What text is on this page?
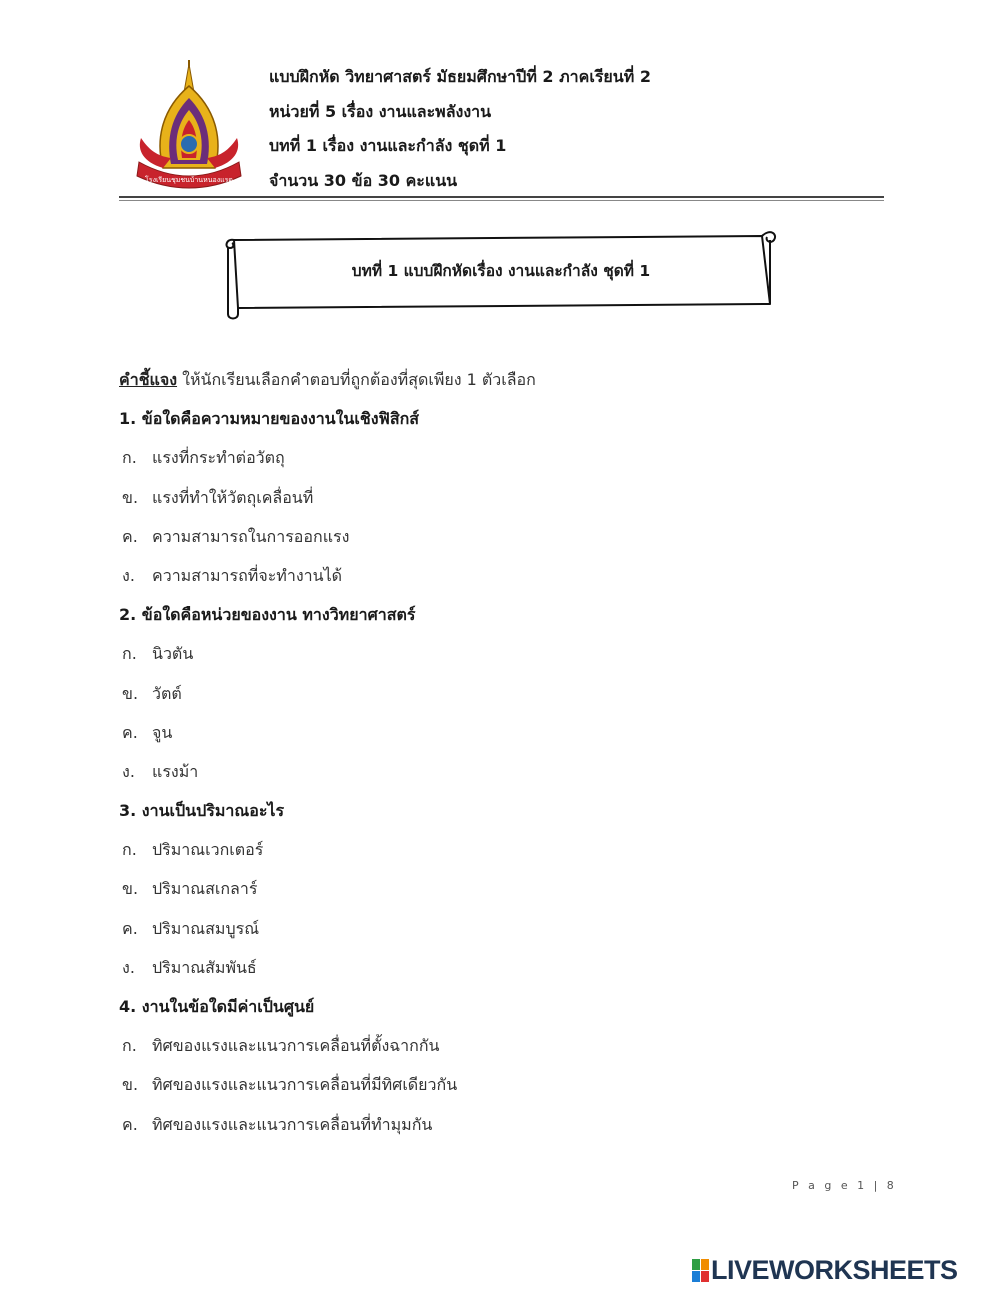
โรงเรียนชุมชนบ้านหนองแรด
แบบฝึกหัด วิทยาศาสตร์ มัธยมศึกษาปีที่ 2 ภาคเรียนที่ 2
หน่วยที่ 5 เรื่อง งานและพลังงาน
บทที่ 1 เรื่อง งานและกำลัง ชุดที่ 1
จำนวน 30 ข้อ 30 คะแนน
บทที่ 1 แบบฝึกหัดเรื่อง งานและกำลัง ชุดที่ 1
คำชี้แจง ให้นักเรียนเลือกคำตอบที่ถูกต้องที่สุดเพียง 1 ตัวเลือก
1. ข้อใดคือความหมายของงานในเชิงฟิสิกส์
ก. แรงที่กระทำต่อวัตถุ
ข. แรงที่ทำให้วัตถุเคลื่อนที่
ค. ความสามารถในการออกแรง
ง. ความสามารถที่จะทำงานได้
2. ข้อใดคือหน่วยของงาน ทางวิทยาศาสตร์
ก. นิวตัน
ข. วัตต์
ค. จูน
ง. แรงม้า
3. งานเป็นปริมาณอะไร
ก. ปริมาณเวกเตอร์
ข. ปริมาณสเกลาร์
ค. ปริมาณสมบูรณ์
ง. ปริมาณสัมพันธ์
4. งานในข้อใดมีค่าเป็นศูนย์
ก. ทิศของแรงและแนวการเคลื่อนที่ตั้งฉากกัน
ข. ทิศของแรงและแนวการเคลื่อนที่มีทิศเดียวกัน
ค. ทิศของแรงและแนวการเคลื่อนที่ทำมุมกัน
P a g e 1 | 8
LIVEWORKSHEETS
